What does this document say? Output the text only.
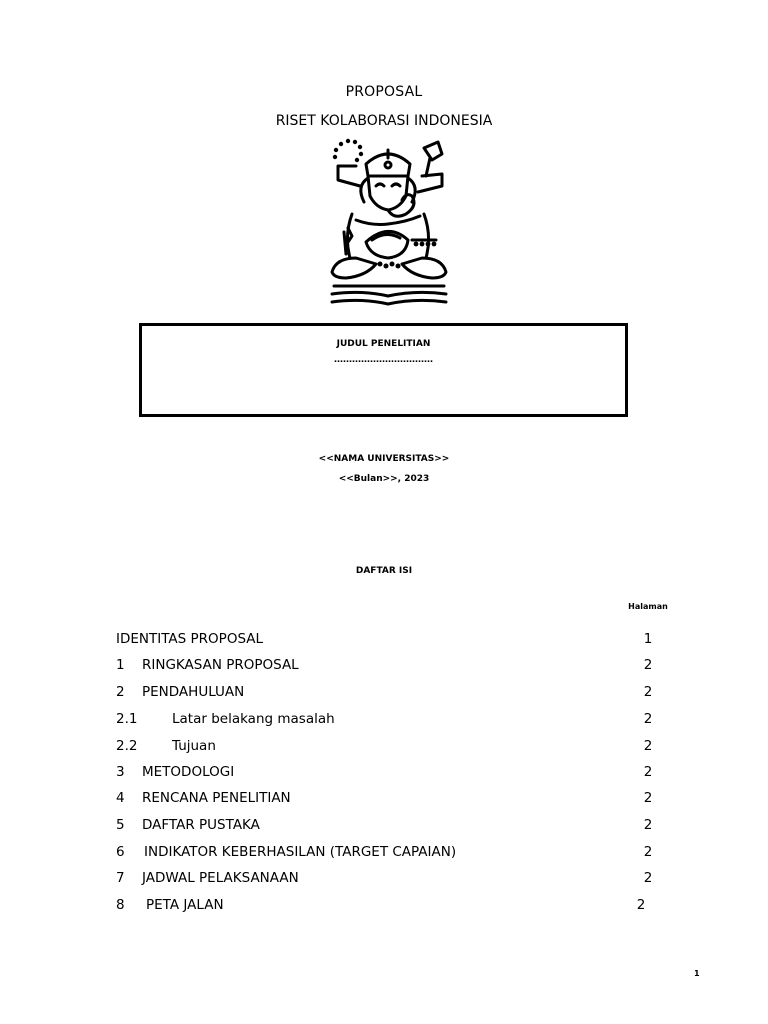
PROPOSAL
RISET KOLABORASI INDONESIA
JUDUL PENELITIAN
……………………………
<<NAMA UNIVERSITAS>>
<<Bulan>>, 2023
DAFTAR ISI
Halaman
IDENTITAS PROPOSAL	1
1 RINGKASAN PROPOSAL	2
2 PENDAHULUAN	2
2.1	Latar belakang masalah	2
2.2	Tujuan	2
3 METODOLOGI	2
4 RENCANA PENELITIAN	2
5 DAFTAR PUSTAKA	2
6 INDIKATOR KEBERHASILAN (TARGET CAPAIAN)	2
7 JADWAL PELAKSANAAN	2
8 PETA JALAN	2
1
